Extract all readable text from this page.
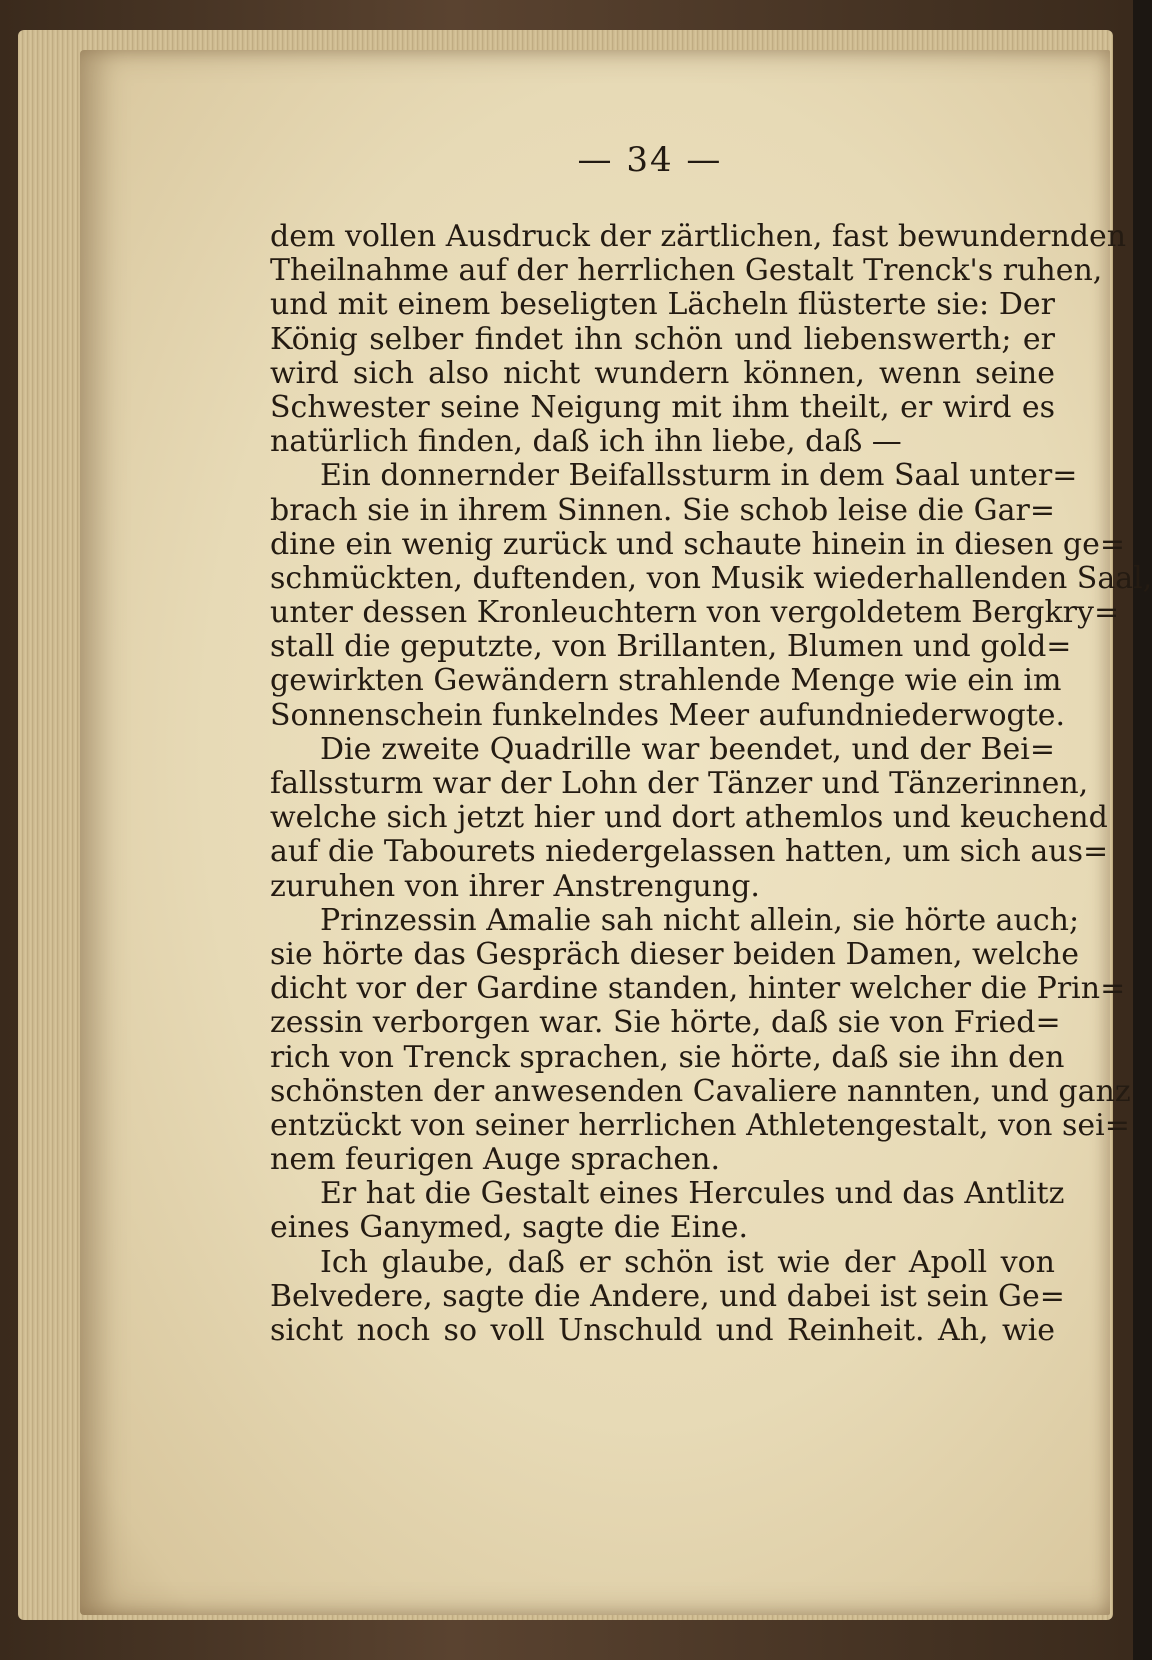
— 34 —
dem vollen Ausdruck der zärtlichen, fast bewundernden
Theilnahme auf der herrlichen Gestalt Trenck's ruhen,
und mit einem beseligten Lächeln flüsterte sie: Der
König selber findet ihn schön und liebenswerth; er
wird sich also nicht wundern können, wenn seine
Schwester seine Neigung mit ihm theilt, er wird es
natürlich finden, daß ich ihn liebe, daß —
Ein donnernder Beifallssturm in dem Saal unter=
brach sie in ihrem Sinnen. Sie schob leise die Gar=
dine ein wenig zurück und schaute hinein in diesen ge=
schmückten, duftenden, von Musik wiederhallenden Saal,
unter dessen Kronleuchtern von vergoldetem Bergkry=
stall die geputzte, von Brillanten, Blumen und gold=
gewirkten Gewändern strahlende Menge wie ein im
Sonnenschein funkelndes Meer aufundniederwogte.
Die zweite Quadrille war beendet, und der Bei=
fallssturm war der Lohn der Tänzer und Tänzerinnen,
welche sich jetzt hier und dort athemlos und keuchend
auf die Tabourets niedergelassen hatten, um sich aus=
zuruhen von ihrer Anstrengung.
Prinzessin Amalie sah nicht allein, sie hörte auch;
sie hörte das Gespräch dieser beiden Damen, welche
dicht vor der Gardine standen, hinter welcher die Prin=
zessin verborgen war. Sie hörte, daß sie von Fried=
rich von Trenck sprachen, sie hörte, daß sie ihn den
schönsten der anwesenden Cavaliere nannten, und ganz
entzückt von seiner herrlichen Athletengestalt, von sei=
nem feurigen Auge sprachen.
Er hat die Gestalt eines Hercules und das Antlitz
eines Ganymed, sagte die Eine.
Ich glaube, daß er schön ist wie der Apoll von
Belvedere, sagte die Andere, und dabei ist sein Ge=
sicht noch so voll Unschuld und Reinheit. Ah, wie
